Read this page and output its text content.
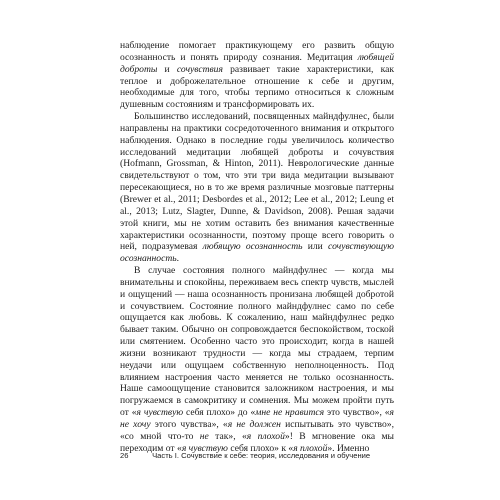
наблюдение помогает практикующему его развить общую осознанность и понять природу сознания. Медитация любящей доброты и сочувствия развивает такие характеристики, как теплое и доброжелательное отношение к себе и другим, необходимые для того, чтобы терпимо относиться к сложным душевным состояниям и трансформировать их.

Большинство исследований, посвященных майндфулнес, были направлены на практики сосредоточенного внимания и открытого наблюдения. Однако в последние годы увеличилось количество исследований медитации любящей доброты и сочувствия (Hofmann, Grossman, & Hinton, 2011). Неврологические данные свидетельствуют о том, что эти три вида медитации вызывают пересекающиеся, но в то же время различные мозговые паттерны (Brewer et al., 2011; Desbordes et al., 2012; Lee et al., 2012; Leung et al., 2013; Lutz, Slagter, Dunne, & Davidson, 2008). Решая задачи этой книги, мы не хотим оставить без внимания качественные характеристики осознанности, поэтому проще всего говорить о ней, подразумевая любящую осознанность или сочувствующую осознанность.

В случае состояния полного майндфулнес — когда мы внимательны и спокойны, переживаем весь спектр чувств, мыслей и ощущений — наша осознанность пронизана любящей добротой и сочувствием. Состояние полного майндфулнес само по себе ощущается как любовь. К сожалению, наш майндфулнес редко бывает таким. Обычно он сопровождается беспокойством, тоской или смятением. Особенно часто это происходит, когда в нашей жизни возникают трудности — когда мы страдаем, терпим неудачи или ощущаем собственную неполноценность. Под влиянием настроения часто меняется не только осознанность. Наше самоощущение становится заложником настроения, и мы погружаемся в самокритику и сомнения. Мы можем пройти путь от «я чувствую себя плохо» до «мне не нравится это чувство», «я не хочу этого чувства», «я не должен испытывать это чувство», «со мной что-то не так», «я плохой»! В мгновение ока мы переходим от «я чувствую себя плохо» к «я плохой». Именно

26	Часть I. Сочувствие к себе: теория, исследования и обучение
